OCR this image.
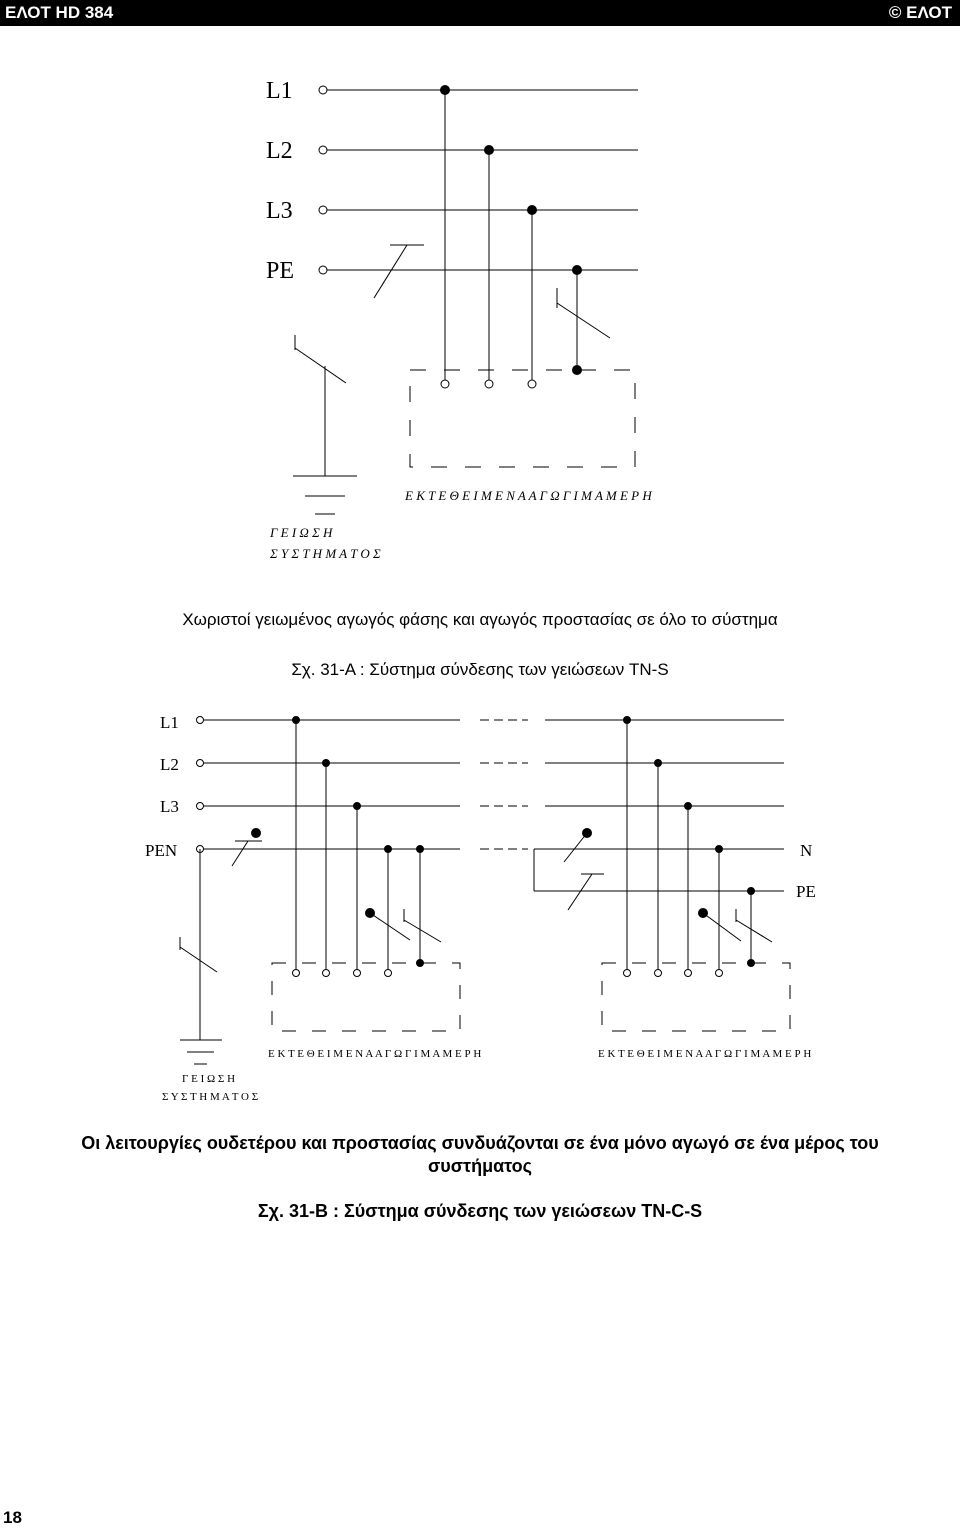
ΕΛΟΤ HD 384	© ΕΛΟΤ
L1
L2
L3
PE
Ε Κ Τ Ε Θ Ε Ι Μ Ε Ν Α Α Γ Ω Γ Ι Μ Α Μ Ε Ρ Η
Γ Ε Ι Ω Σ Η
Σ Υ Σ Τ Η Μ Α Τ Ο Σ
L1
L2
L3
PEN	N
PE
Ε Κ Τ Ε Θ Ε Ι Μ Ε Ν Α Α Γ Ω Γ Ι Μ Α Μ Ε Ρ Η	Ε Κ Τ Ε Θ Ε Ι Μ Ε Ν Α Α Γ Ω Γ Ι Μ Α Μ Ε Ρ Η
Γ Ε Ι Ω Σ Η
Σ Υ Σ Τ Η Μ Α Τ Ο Σ
Χωριστοί γειωμένος αγωγός φάσης και αγωγός προστασίας σε όλο το σύστημα
Σχ. 31-A : Σύστημα σύνδεσης των γειώσεων TN-S
Οι λειτουργίες ουδετέρου και προστασίας συνδυάζονται σε ένα μόνο αγωγό σε ένα μέρος του
συστήματος
Σχ. 31-B : Σύστημα σύνδεσης των γειώσεων TN-C-S
18
